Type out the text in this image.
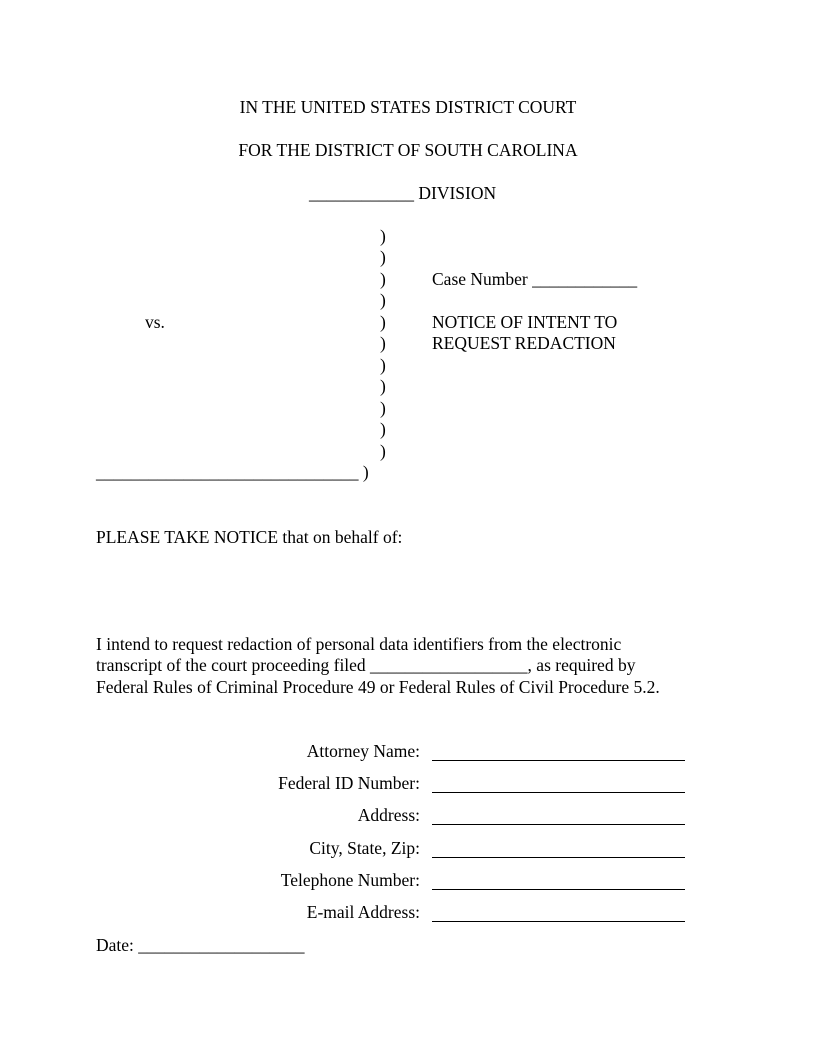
IN THE UNITED STATES DISTRICT COURT
FOR THE DISTRICT OF SOUTH CAROLINA
____________ DIVISION
)
)
)
)
)
)
)
)
)
)
)
______________________________ )
vs.
Case Number ____________
NOTICE OF INTENT TO
REQUEST REDACTION
PLEASE TAKE NOTICE that on behalf of:
I intend to request redaction of personal data identifiers from the electronic
transcript of the court proceeding filed __________________, as required by
Federal Rules of Criminal Procedure 49 or Federal Rules of Civil Procedure 5.2.
Attorney Name:
Federal ID Number:
Address:
City, State, Zip:
Telephone Number:
E-mail Address:
Date: ___________________
